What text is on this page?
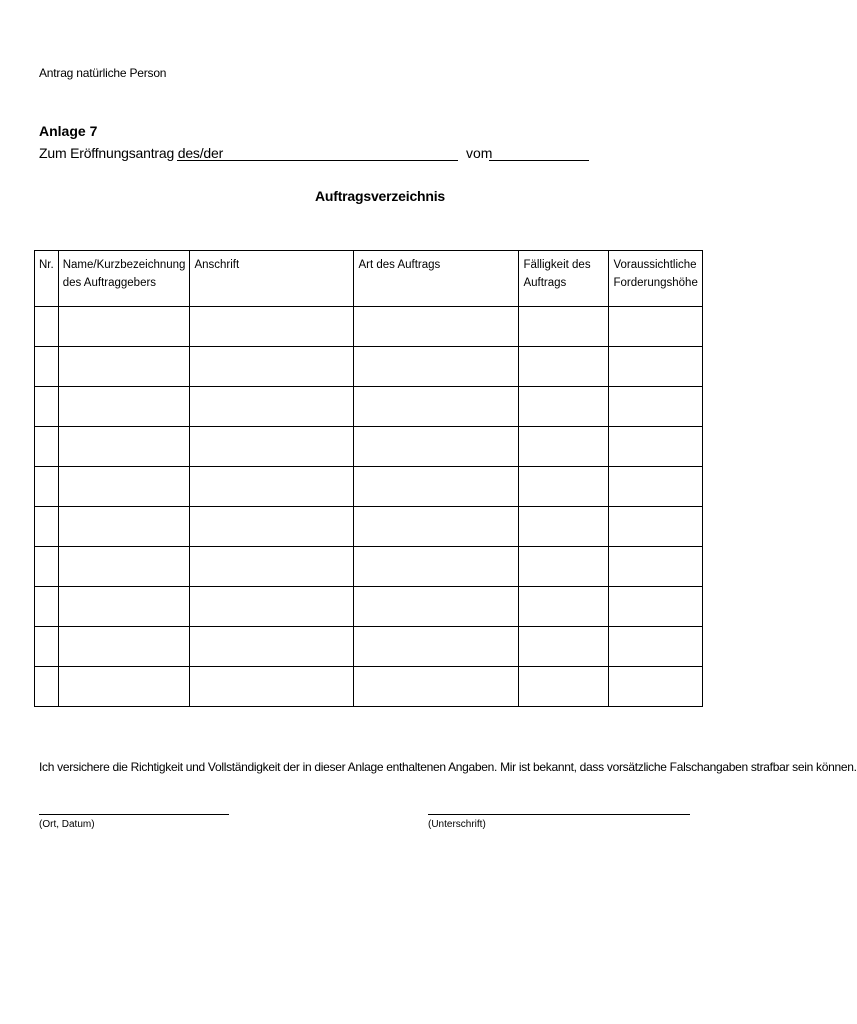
Antrag natürliche Person
Anlage 7
Zum Eröffnungsantrag des/der	vom
Auftragsverzeichnis
Nr.	Name/Kurzbezeichnung des Auftraggebers	Anschrift	Art des Auftrags	Fälligkeit des Auftrags	Voraussichtliche Forderungshöhe

Ich versichere die Richtigkeit und Vollständigkeit der in dieser Anlage enthaltenen Angaben. Mir ist bekannt, dass vorsätzliche Falschangaben strafbar sein können.
(Ort, Datum)	(Unterschrift)
